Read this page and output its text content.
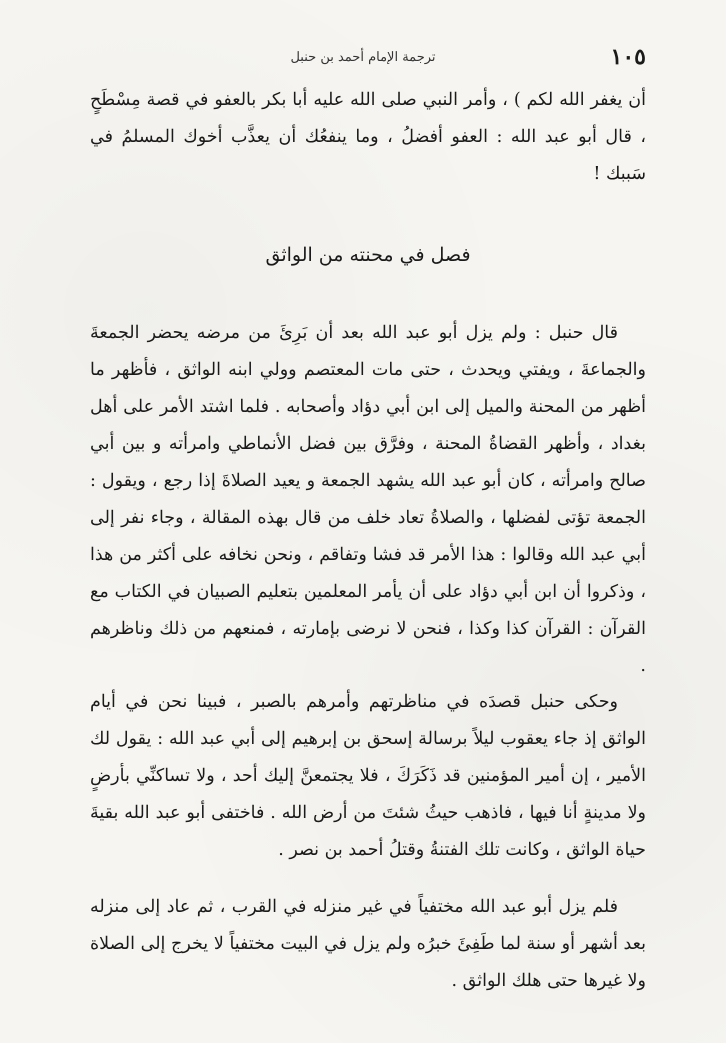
١٠٥
ترجمة الإمام أحمد بن حنبل
أن يغفر الله لكم ) ، وأمر النبي صلى الله عليه أبا بكر بالعفو في قصة مِسْطَحٍ ، قال أبو عبد الله : العفو أفضلُ ، وما ينفعُك أن يعذَّب أخوك المسلمُ في سَببك !
فصل في محنته من الواثق

قال حنبل : ولم يزل أبو عبد الله بعد أن بَرِئَ من مرضه يحضر الجمعةَ والجماعةَ ، ويفتي ويحدث ، حتى مات المعتصم وولي ابنه الواثق ، فأظهر ما أظهر من المحنة والميل إلى ابن أبي دؤاد وأصحابه . فلما اشتد الأمر على أهل بغداد ، وأظهر القضاةُ المحنة ، وفرَّق بين فضل الأنماطي وامرأته و بين أبي صالح وامرأته ، كان أبو عبد الله يشهد الجمعة و يعيد الصلاةَ إذا رجع ، ويقول : الجمعة تؤتى لفضلها ، والصلاةُ تعاد خلف من قال بهذه المقالة ، وجاء نفر إلى أبي عبد الله وقالوا : هذا الأمر قد فشا وتفاقم ، ونحن نخافه على أكثر من هذا ، وذكروا أن ابن أبي دؤاد على أن يأمر المعلمين بتعليم الصبيان في الكتاب مع القرآن : القرآن كذا وكذا ، فنحن لا نرضى بإمارته ، فمنعهم من ذلك وناظرهم .

وحكى حنبل قصدَه في مناظرتهم وأمرهم بالصبر ، فبينا نحن في أيام الواثق إذ جاء يعقوب ليلاً برسالة إسحق بن إبرهيم إلى أبي عبد الله : يقول لك الأمير ، إن أمير المؤمنين قد ذَكَرَكَ ، فلا يجتمعنَّ إليك أحد ، ولا تساكنِّي بأرضٍ ولا مدينةٍ أنا فيها ، فاذهب حيثُ شئتَ من أرض الله . فاختفى أبو عبد الله بقيةَ حياة الواثق ، وكانت تلك الفتنةُ وقتلُ أحمد بن نصر .

فلم يزل أبو عبد الله مختفياً في غير منزله في القرب ، ثم عاد إلى منزله بعد أشهر أو سنة لما طَفِئَ خبرُه ولم يزل في البيت مختفياً لا يخرج إلى الصلاة ولا غيرها حتى هلك الواثق .
